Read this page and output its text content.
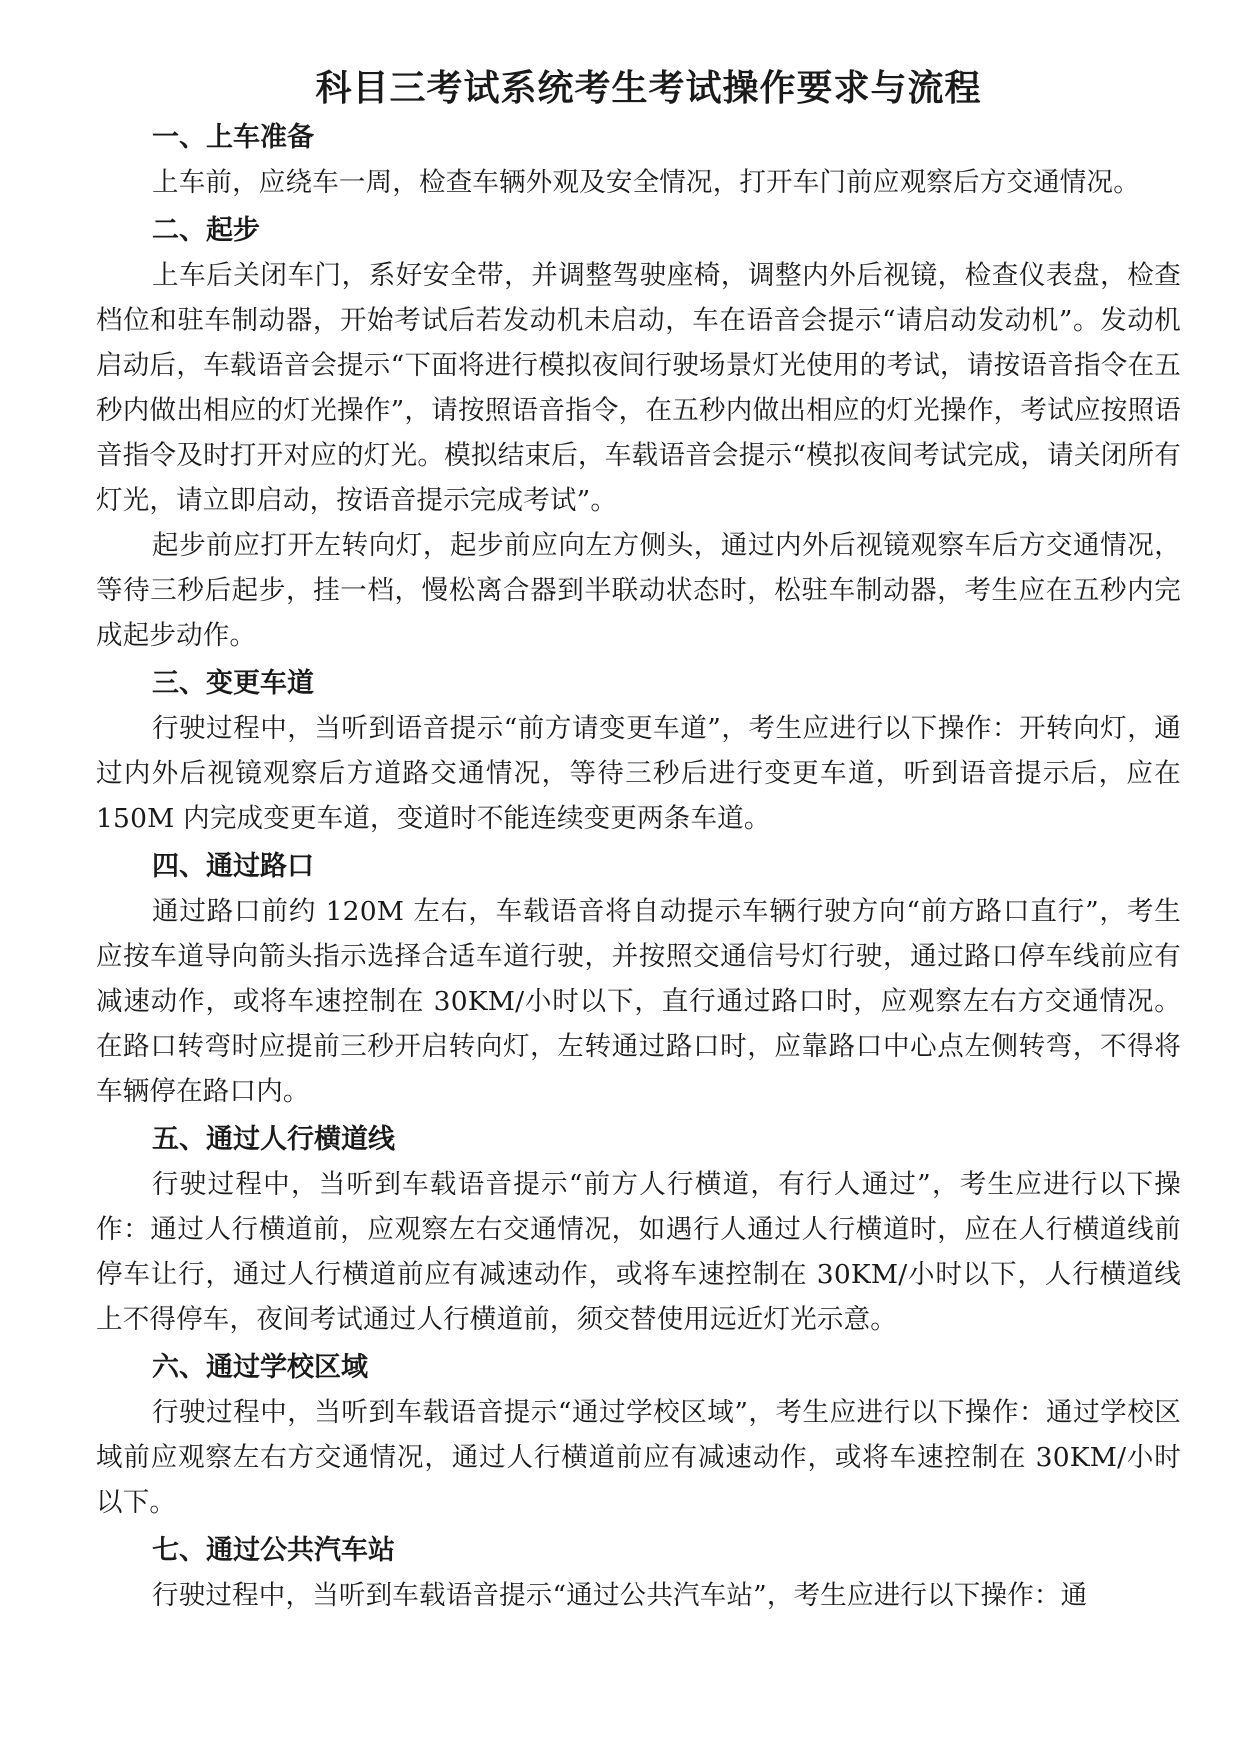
科目三考试系统考生考试操作要求与流程
一、上车准备

上车前，应绕车一周，检查车辆外观及安全情况，打开车门前应观察后方交通情况。

二、起步

上车后关闭车门，系好安全带，并调整驾驶座椅，调整内外后视镜，检查仪表盘，检查档位和驻车制动器，开始考试后若发动机未启动，车在语音会提示“请启动发动机”。发动机启动后，车载语音会提示“下面将进行模拟夜间行驶场景灯光使用的考试，请按语音指令在五秒内做出相应的灯光操作”，请按照语音指令，在五秒内做出相应的灯光操作，考试应按照语音指令及时打开对应的灯光。模拟结束后，车载语音会提示“模拟夜间考试完成，请关闭所有灯光，请立即启动，按语音提示完成考试”。

起步前应打开左转向灯，起步前应向左方侧头，通过内外后视镜观察车后方交通情况，等待三秒后起步，挂一档，慢松离合器到半联动状态时，松驻车制动器，考生应在五秒内完成起步动作。

三、变更车道

行驶过程中，当听到语音提示“前方请变更车道”，考生应进行以下操作：开转向灯，通过内外后视镜观察后方道路交通情况，等待三秒后进行变更车道，听到语音提示后，应在 150M 内完成变更车道，变道时不能连续变更两条车道。

四、通过路口

通过路口前约 120M 左右，车载语音将自动提示车辆行驶方向“前方路口直行”，考生应按车道导向箭头指示选择合适车道行驶，并按照交通信号灯行驶，通过路口停车线前应有减速动作，或将车速控制在 30KM/小时以下，直行通过路口时，应观察左右方交通情况。在路口转弯时应提前三秒开启转向灯，左转通过路口时，应靠路口中心点左侧转弯，不得将车辆停在路口内。

五、通过人行横道线

行驶过程中，当听到车载语音提示“前方人行横道，有行人通过”，考生应进行以下操作：通过人行横道前，应观察左右交通情况，如遇行人通过人行横道时，应在人行横道线前停车让行，通过人行横道前应有减速动作，或将车速控制在 30KM/小时以下，人行横道线上不得停车，夜间考试通过人行横道前，须交替使用远近灯光示意。

六、通过学校区域

行驶过程中，当听到车载语音提示“通过学校区域”，考生应进行以下操作：通过学校区域前应观察左右方交通情况，通过人行横道前应有减速动作，或将车速控制在 30KM/小时以下。

七、通过公共汽车站

行驶过程中，当听到车载语音提示“通过公共汽车站”，考生应进行以下操作：通
